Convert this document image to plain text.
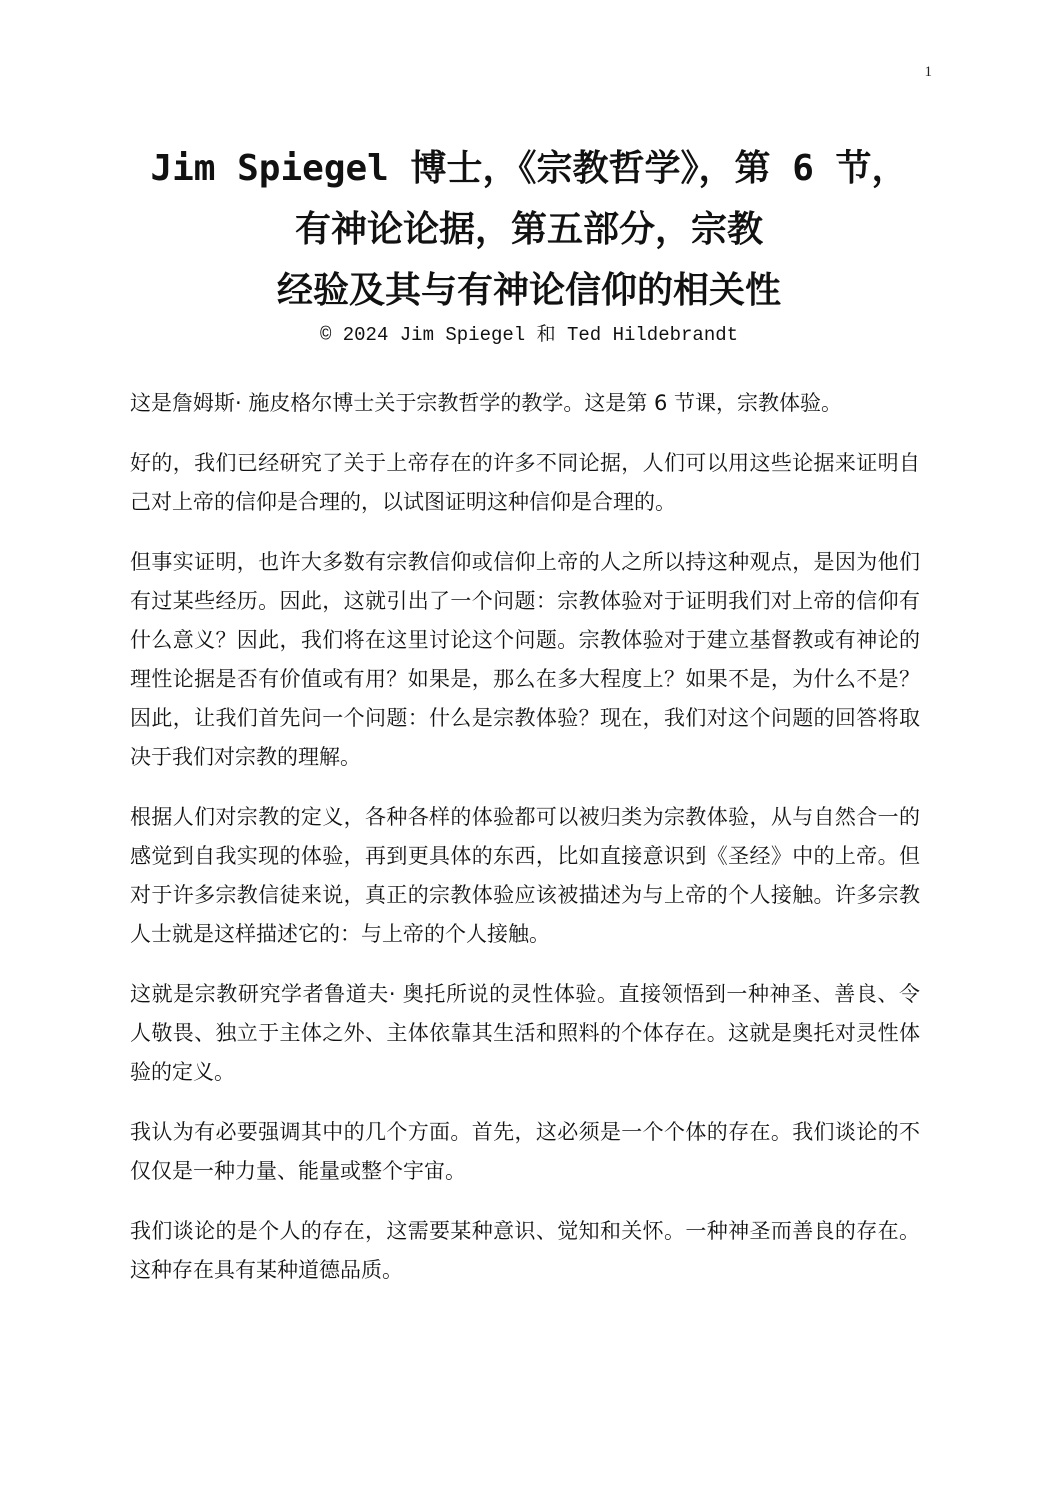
1
Jim Spiegel 博士，《宗教哲学》，第 6 节，
有神论论据，第五部分，宗教
经验及其与有神论信仰的相关性
© 2024 Jim Spiegel 和 Ted Hildebrandt

这是詹姆斯· 施皮格尔博士关于宗教哲学的教学。这是第 6 节课，宗教体验。

好的，我们已经研究了关于上帝存在的许多不同论据，人们可以用这些论据来证明自己对上帝的信仰是合理的，以试图证明这种信仰是合理的。

但事实证明，也许大多数有宗教信仰或信仰上帝的人之所以持这种观点，是因为他们有过某些经历。因此，这就引出了一个问题：宗教体验对于证明我们对上帝的信仰有什么意义？因此，我们将在这里讨论这个问题。宗教体验对于建立基督教或有神论的理性论据是否有价值或有用？如果是，那么在多大程度上？如果不是，为什么不是？因此，让我们首先问一个问题：什么是宗教体验？现在，我们对这个问题的回答将取决于我们对宗教的理解。

根据人们对宗教的定义，各种各样的体验都可以被归类为宗教体验，从与自然合一的感觉到自我实现的体验，再到更具体的东西，比如直接意识到《圣经》中的上帝。但对于许多宗教信徒来说，真正的宗教体验应该被描述为与上帝的个人接触。许多宗教人士就是这样描述它的：与上帝的个人接触。

这就是宗教研究学者鲁道夫· 奥托所说的灵性体验。直接领悟到一种神圣、善良、令人敬畏、独立于主体之外、主体依靠其生活和照料的个体存在。这就是奥托对灵性体验的定义。

我认为有必要强调其中的几个方面。首先，这必须是一个个体的存在。我们谈论的不仅仅是一种力量、能量或整个宇宙。

我们谈论的是个人的存在，这需要某种意识、觉知和关怀。一种神圣而善良的存在。这种存在具有某种道德品质。
